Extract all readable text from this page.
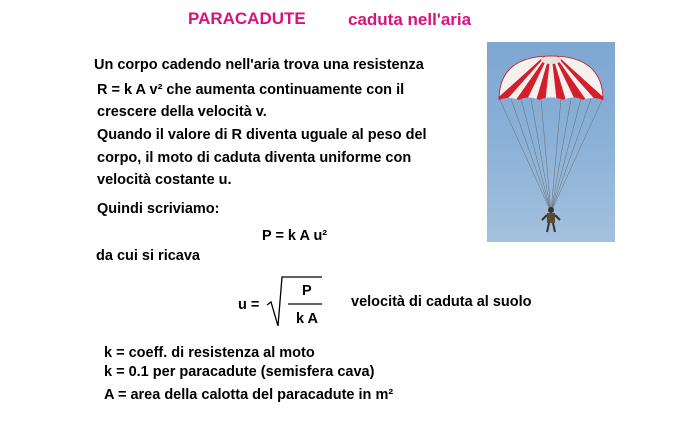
PARACADUTE caduta nell'aria
Un corpo cadendo nell'aria trova una resistenza
R = k A v² che aumenta continuamente con il
crescere della velocità v.
Quando il valore di R diventa uguale al peso del
corpo, il moto di caduta diventa uniforme con
velocità costante u.
Quindi scriviamo:
P = k A u²
da cui si ricava
u =
P
k A
velocità di caduta al suolo
k = coeff. di resistenza al moto
k = 0.1 per paracadute (semisfera cava)
A = area della calotta del paracadute in m²
